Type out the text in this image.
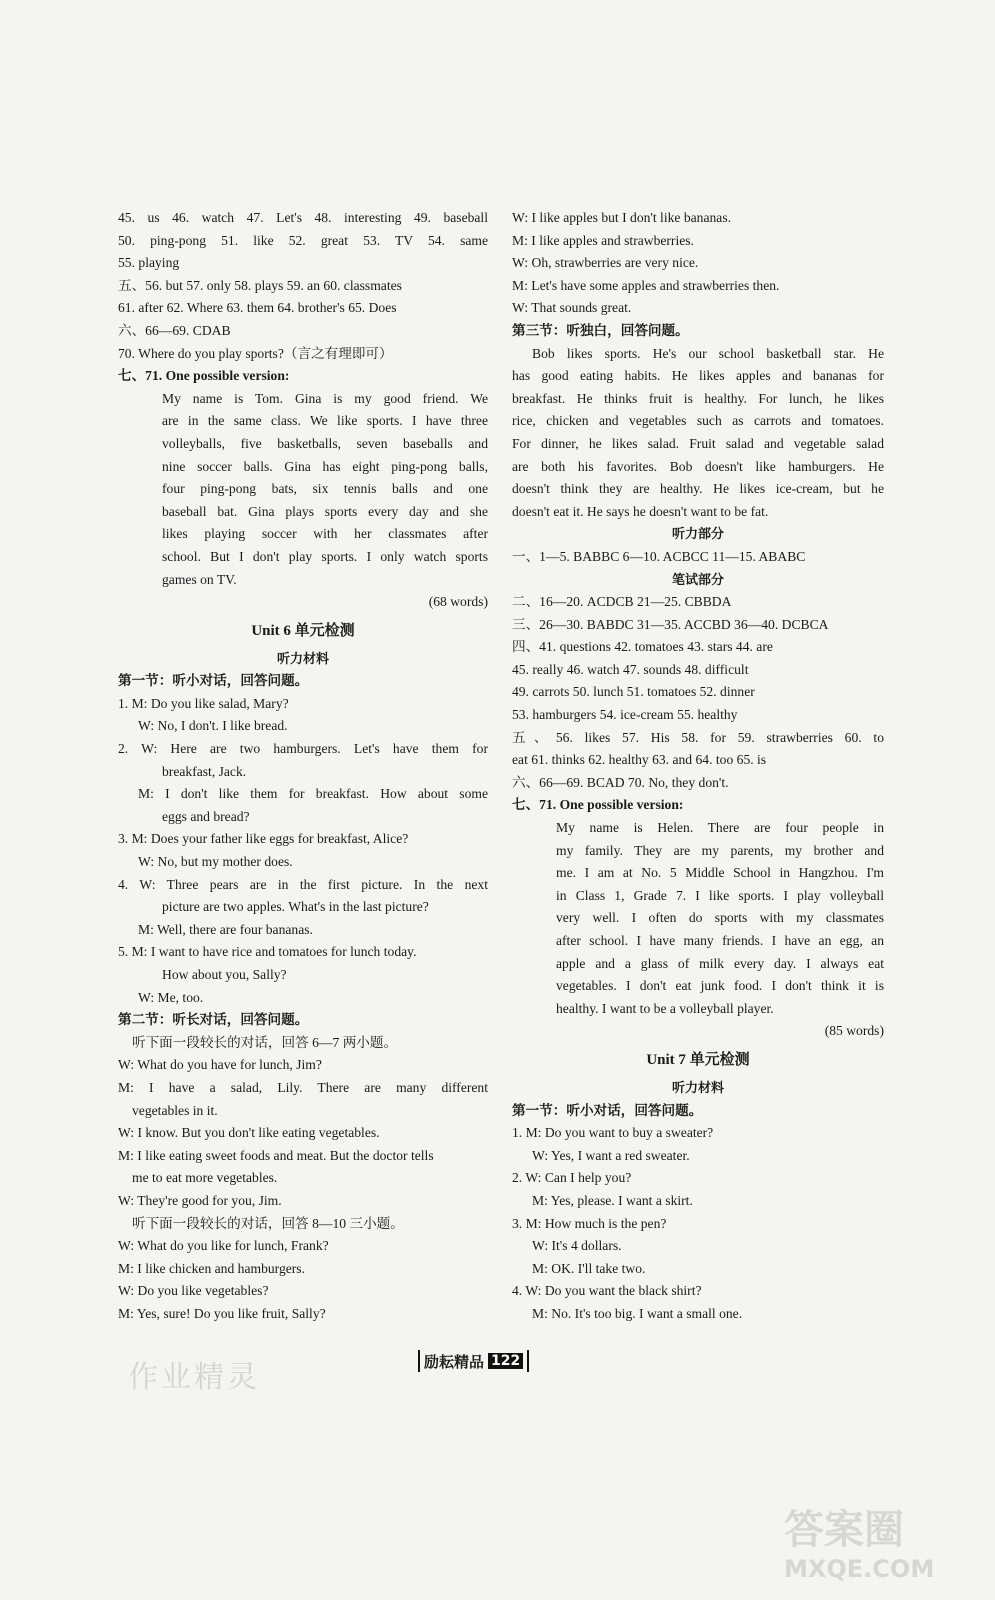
45. us 46. watch 47. Let's 48. interesting 49. baseball
50. ping-pong 51. like 52. great 53. TV 54. same
55. playing
五、56. but 57. only 58. plays 59. an 60. classmates
61. after 62. Where 63. them 64. brother's 65. Does
六、66—69. CDAB
70. Where do you play sports?（言之有理即可）
七、71. One possible version:
My name is Tom. Gina is my good friend. We
are in the same class. We like sports. I have three
volleyballs, five basketballs, seven baseballs and
nine soccer balls. Gina has eight ping-pong balls,
four ping-pong bats, six tennis balls and one
baseball bat. Gina plays sports every day and she
likes playing soccer with her classmates after
school. But I don't play sports. I only watch sports
games on TV.
(68 words)
Unit 6 单元检测
听力材料
第一节：听小对话，回答问题。
1. M: Do you like salad, Mary?
W: No, I don't. I like bread.
2. W: Here are two hamburgers. Let's have them for
breakfast, Jack.
M: I don't like them for breakfast. How about some
eggs and bread?
3. M: Does your father like eggs for breakfast, Alice?
W: No, but my mother does.
4. W: Three pears are in the first picture. In the next
picture are two apples. What's in the last picture?
M: Well, there are four bananas.
5. M: I want to have rice and tomatoes for lunch today.
How about you, Sally?
W: Me, too.
第二节：听长对话，回答问题。
听下面一段较长的对话，回答 6—7 两小题。
W: What do you have for lunch, Jim?
M: I have a salad, Lily. There are many different
vegetables in it.
W: I know. But you don't like eating vegetables.
M: I like eating sweet foods and meat. But the doctor tells
me to eat more vegetables.
W: They're good for you, Jim.
听下面一段较长的对话，回答 8—10 三小题。
W: What do you like for lunch, Frank?
M: I like chicken and hamburgers.
W: Do you like vegetables?
M: Yes, sure! Do you like fruit, Sally?
W: I like apples but I don't like bananas.
M: I like apples and strawberries.
W: Oh, strawberries are very nice.
M: Let's have some apples and strawberries then.
W: That sounds great.
第三节：听独白，回答问题。
Bob likes sports. He's our school basketball star. He
has good eating habits. He likes apples and bananas for
breakfast. He thinks fruit is healthy. For lunch, he likes
rice, chicken and vegetables such as carrots and tomatoes.
For dinner, he likes salad. Fruit salad and vegetable salad
are both his favorites. Bob doesn't like hamburgers. He
doesn't think they are healthy. He likes ice-cream, but he
doesn't eat it. He says he doesn't want to be fat.
听力部分
一、1—5. BABBC 6—10. ACBCC 11—15. ABABC
笔试部分
二、16—20. ACDCB 21—25. CBBDA
三、26—30. BABDC 31—35. ACCBD 36—40. DCBCA
四、41. questions 42. tomatoes 43. stars 44. are
45. really 46. watch 47. sounds 48. difficult
49. carrots 50. lunch 51. tomatoes 52. dinner
53. hamburgers 54. ice-cream 55. healthy
五、56. likes 57. His 58. for 59. strawberries 60. to
eat 61. thinks 62. healthy 63. and 64. too 65. is
六、66—69. BCAD 70. No, they don't.
七、71. One possible version:
My name is Helen. There are four people in
my family. They are my parents, my brother and
me. I am at No. 5 Middle School in Hangzhou. I'm
in Class 1, Grade 7. I like sports. I play volleyball
very well. I often do sports with my classmates
after school. I have many friends. I have an egg, an
apple and a glass of milk every day. I always eat
vegetables. I don't eat junk food. I don't think it is
healthy. I want to be a volleyball player.
(85 words)
Unit 7 单元检测
听力材料
第一节：听小对话，回答问题。
1. M: Do you want to buy a sweater?
W: Yes, I want a red sweater.
2. W: Can I help you?
M: Yes, please. I want a skirt.
3. M: How much is the pen?
W: It's 4 dollars.
M: OK. I'll take two.
4. W: Do you want the black shirt?
M: No. It's too big. I want a small one.
作业精灵	励耘精品 122
答案圈
MXQE.COM
